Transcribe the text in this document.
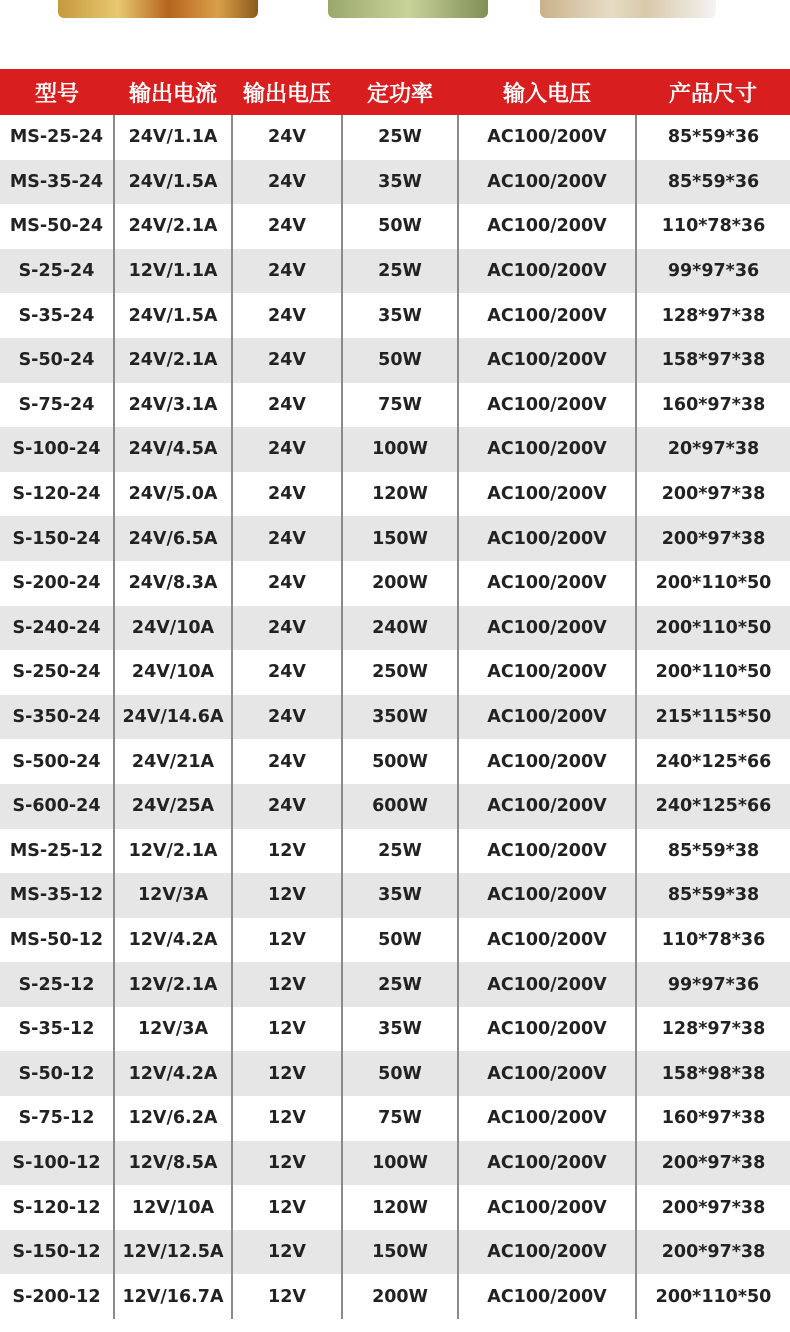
型号	输出电流	输出电压	定功率	输入电压	产品尺寸
MS-25-24	24V/1.1A	24V	25W	AC100/200V	85*59*36
MS-35-24	24V/1.5A	24V	35W	AC100/200V	85*59*36
MS-50-24	24V/2.1A	24V	50W	AC100/200V	110*78*36
S-25-24	12V/1.1A	24V	25W	AC100/200V	99*97*36
S-35-24	24V/1.5A	24V	35W	AC100/200V	128*97*38
S-50-24	24V/2.1A	24V	50W	AC100/200V	158*97*38
S-75-24	24V/3.1A	24V	75W	AC100/200V	160*97*38
S-100-24	24V/4.5A	24V	100W	AC100/200V	20*97*38
S-120-24	24V/5.0A	24V	120W	AC100/200V	200*97*38
S-150-24	24V/6.5A	24V	150W	AC100/200V	200*97*38
S-200-24	24V/8.3A	24V	200W	AC100/200V	200*110*50
S-240-24	24V/10A	24V	240W	AC100/200V	200*110*50
S-250-24	24V/10A	24V	250W	AC100/200V	200*110*50
S-350-24	24V/14.6A	24V	350W	AC100/200V	215*115*50
S-500-24	24V/21A	24V	500W	AC100/200V	240*125*66
S-600-24	24V/25A	24V	600W	AC100/200V	240*125*66
MS-25-12	12V/2.1A	12V	25W	AC100/200V	85*59*38
MS-35-12	12V/3A	12V	35W	AC100/200V	85*59*38
MS-50-12	12V/4.2A	12V	50W	AC100/200V	110*78*36
S-25-12	12V/2.1A	12V	25W	AC100/200V	99*97*36
S-35-12	12V/3A	12V	35W	AC100/200V	128*97*38
S-50-12	12V/4.2A	12V	50W	AC100/200V	158*98*38
S-75-12	12V/6.2A	12V	75W	AC100/200V	160*97*38
S-100-12	12V/8.5A	12V	100W	AC100/200V	200*97*38
S-120-12	12V/10A	12V	120W	AC100/200V	200*97*38
S-150-12	12V/12.5A	12V	150W	AC100/200V	200*97*38
S-200-12	12V/16.7A	12V	200W	AC100/200V	200*110*50
